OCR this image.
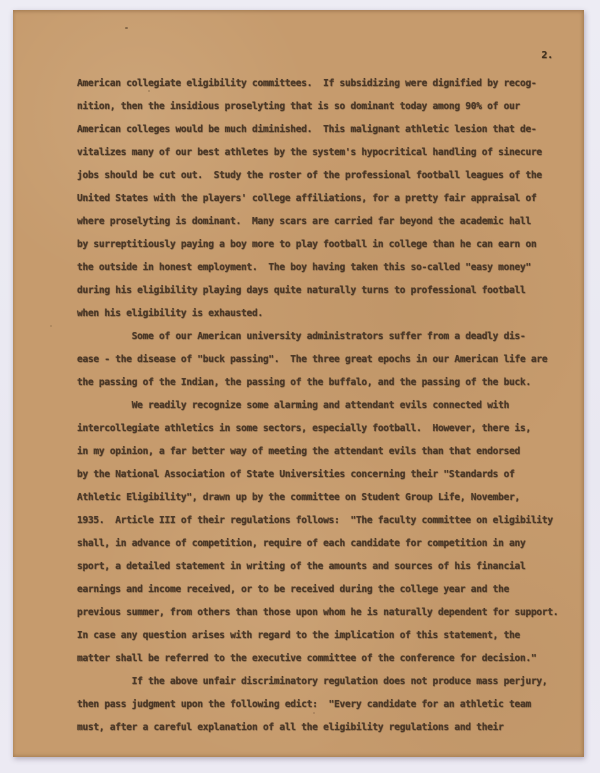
2.
American collegiate eligibility committees.  If subsidizing were dignified by recog-
nition, then the insidious proselyting that is so dominant today among 90% of our
American colleges would be much diminished.  This malignant athletic lesion that de-
vitalizes many of our best athletes by the system's hypocritical handling of sinecure
jobs should be cut out.  Study the roster of the professional football leagues of the
United States with the players' college affiliations, for a pretty fair appraisal of
where proselyting is dominant.  Many scars are carried far beyond the academic hall
by surreptitiously paying a boy more to play football in college than he can earn on
the outside in honest employment.  The boy having taken this so-called "easy money"
during his eligibility playing days quite naturally turns to professional football
when his eligibility is exhausted.
Some of our American university administrators suffer from a deadly dis-
ease - the disease of "buck passing".  The three great epochs in our American life are
the passing of the Indian, the passing of the buffalo, and the passing of the buck.
We readily recognize some alarming and attendant evils connected with
intercollegiate athletics in some sectors, especially football.  However, there is,
in my opinion, a far better way of meeting the attendant evils than that endorsed
by the National Association of State Universities concerning their "Standards of
Athletic Eligibility", drawn up by the committee on Student Group Life, November,
1935.  Article III of their regulations follows:  "The faculty committee on eligibility
shall, in advance of competition, require of each candidate for competition in any
sport, a detailed statement in writing of the amounts and sources of his financial
earnings and income received, or to be received during the college year and the
previous summer, from others than those upon whom he is naturally dependent for support.
In case any question arises with regard to the implication of this statement, the
matter shall be referred to the executive committee of the conference for decision."
If the above unfair discriminatory regulation does not produce mass perjury,
then pass judgment upon the following edict:  "Every candidate for an athletic team
must, after a careful explanation of all the eligibility regulations and their
